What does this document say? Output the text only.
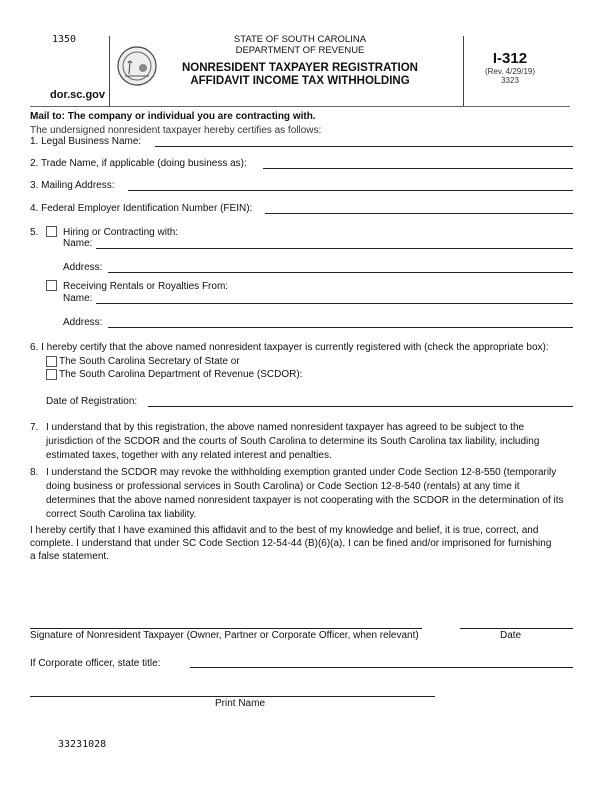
1350
dor.sc.gov
STATE OF SOUTH CAROLINA
DEPARTMENT OF REVENUE
NONRESIDENT TAXPAYER REGISTRATION
AFFIDAVIT INCOME TAX WITHHOLDING
I-312
(Rev. 4/29/19)
3323
Mail to: The company or individual you are contracting with.
The undersigned nonresident taxpayer hereby certifies as follows:
1. Legal Business Name:
2. Trade Name, if applicable (doing business as):
3. Mailing Address:
4. Federal Employer Identification Number (FEIN):
5. Hiring or Contracting with:
Name:
Address:
Receiving Rentals or Royalties From:
Name:
Address:
6. I hereby certify that the above named nonresident taxpayer is currently registered with (check the appropriate box):
The South Carolina Secretary of State or
The South Carolina Department of Revenue (SCDOR):
Date of Registration:
7. I understand that by this registration, the above named nonresident taxpayer has agreed to be subject to the
jurisdiction of the SCDOR and the courts of South Carolina to determine its South Carolina tax liability, including
estimated taxes, together with any related interest and penalties.
8. I understand the SCDOR may revoke the withholding exemption granted under Code Section 12-8-550 (temporarily
doing business or professional services in South Carolina) or Code Section 12-8-540 (rentals) at any time it
determines that the above named nonresident taxpayer is not cooperating with the SCDOR in the determination of its
correct South Carolina tax liability.
I hereby certify that I have examined this affidavit and to the best of my knowledge and belief, it is true, correct, and
complete. I understand that under SC Code Section 12-54-44 (B)(6)(a), I can be fined and/or imprisoned for furnishing
a false statement.
Signature of Nonresident Taxpayer (Owner, Partner or Corporate Officer, when relevant)	Date
If Corporate officer, state title:
Print Name
33231028
